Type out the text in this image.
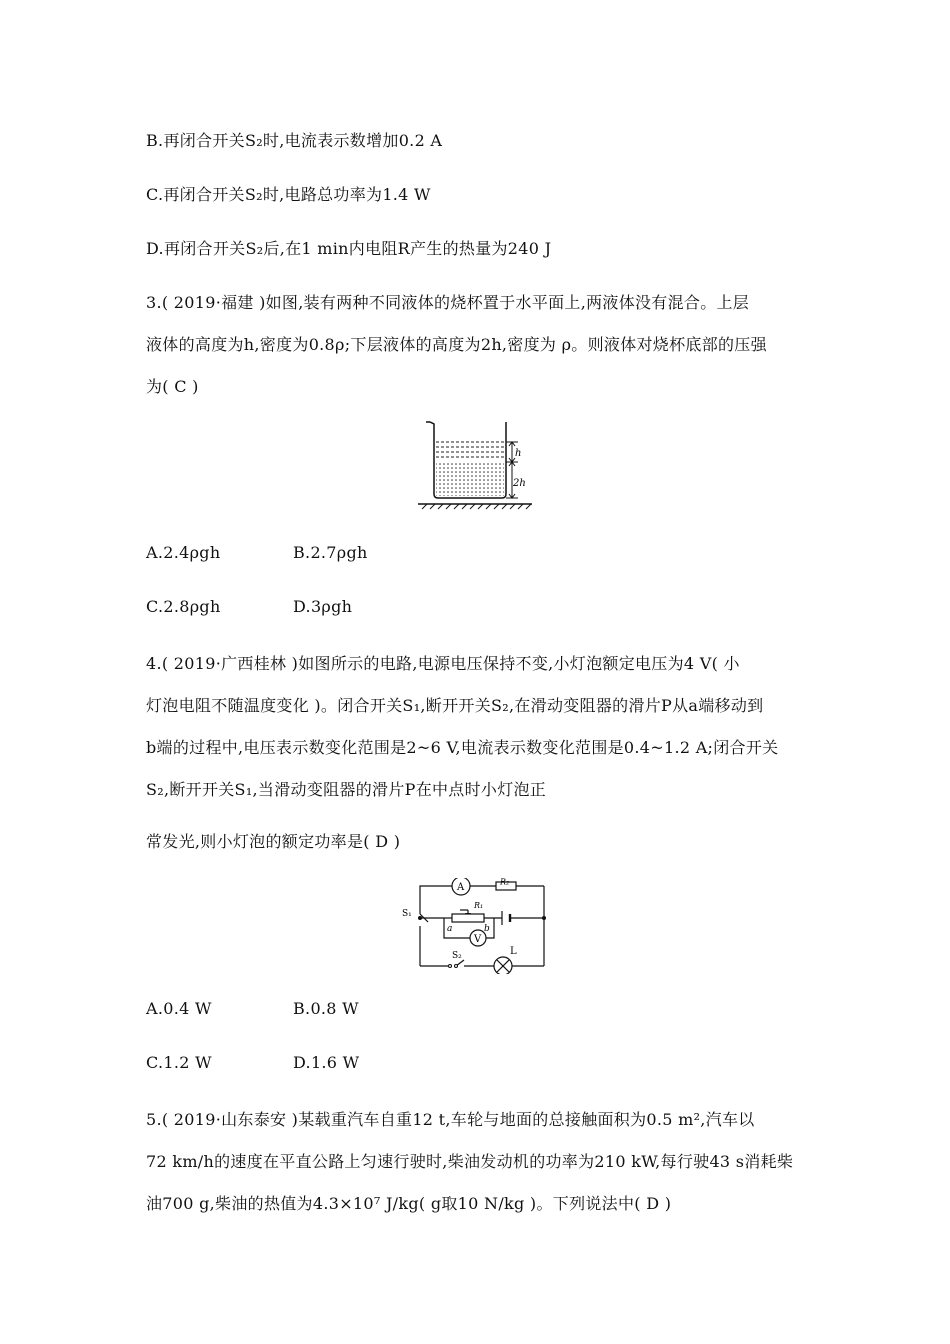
B.再闭合开关S₂时,电流表示数增加0.2 A
C.再闭合开关S₂时,电路总功率为1.4 W
D.再闭合开关S₂后,在1 min内电阻R产生的热量为240 J
3.( 2019·福建 )如图,装有两种不同液体的烧杯置于水平面上,两液体没有混合。上层
液体的高度为h,密度为0.8ρ;下层液体的高度为2h,密度为 ρ。则液体对烧杯底部的压强
为( C )
h
2h
A.2.4ρgh	B.2.7ρgh
C.2.8ρgh	D.3ρgh
4.( 2019·广西桂林 )如图所示的电路,电源电压保持不变,小灯泡额定电压为4 V( 小
灯泡电阻不随温度变化 )。闭合开关S₁,断开开关S₂,在滑动变阻器的滑片P从a端移动到
b端的过程中,电压表示数变化范围是2~6 V,电流表示数变化范围是0.4~1.2 A;闭合开关
S₂,断开开关S₁,当滑动变阻器的滑片P在中点时小灯泡正
常发光,则小灯泡的额定功率是( D )
A	R₂
R₁
V
S₁
a	b
S₂	L
A.0.4 W	B.0.8 W
C.1.2 W	D.1.6 W
5.( 2019·山东泰安 )某载重汽车自重12 t,车轮与地面的总接触面积为0.5 m²,汽车以
72 km/h的速度在平直公路上匀速行驶时,柴油发动机的功率为210 kW,每行驶43 s消耗柴
油700 g,柴油的热值为4.3×10⁷ J/kg( g取10 N/kg )。下列说法中( D )
